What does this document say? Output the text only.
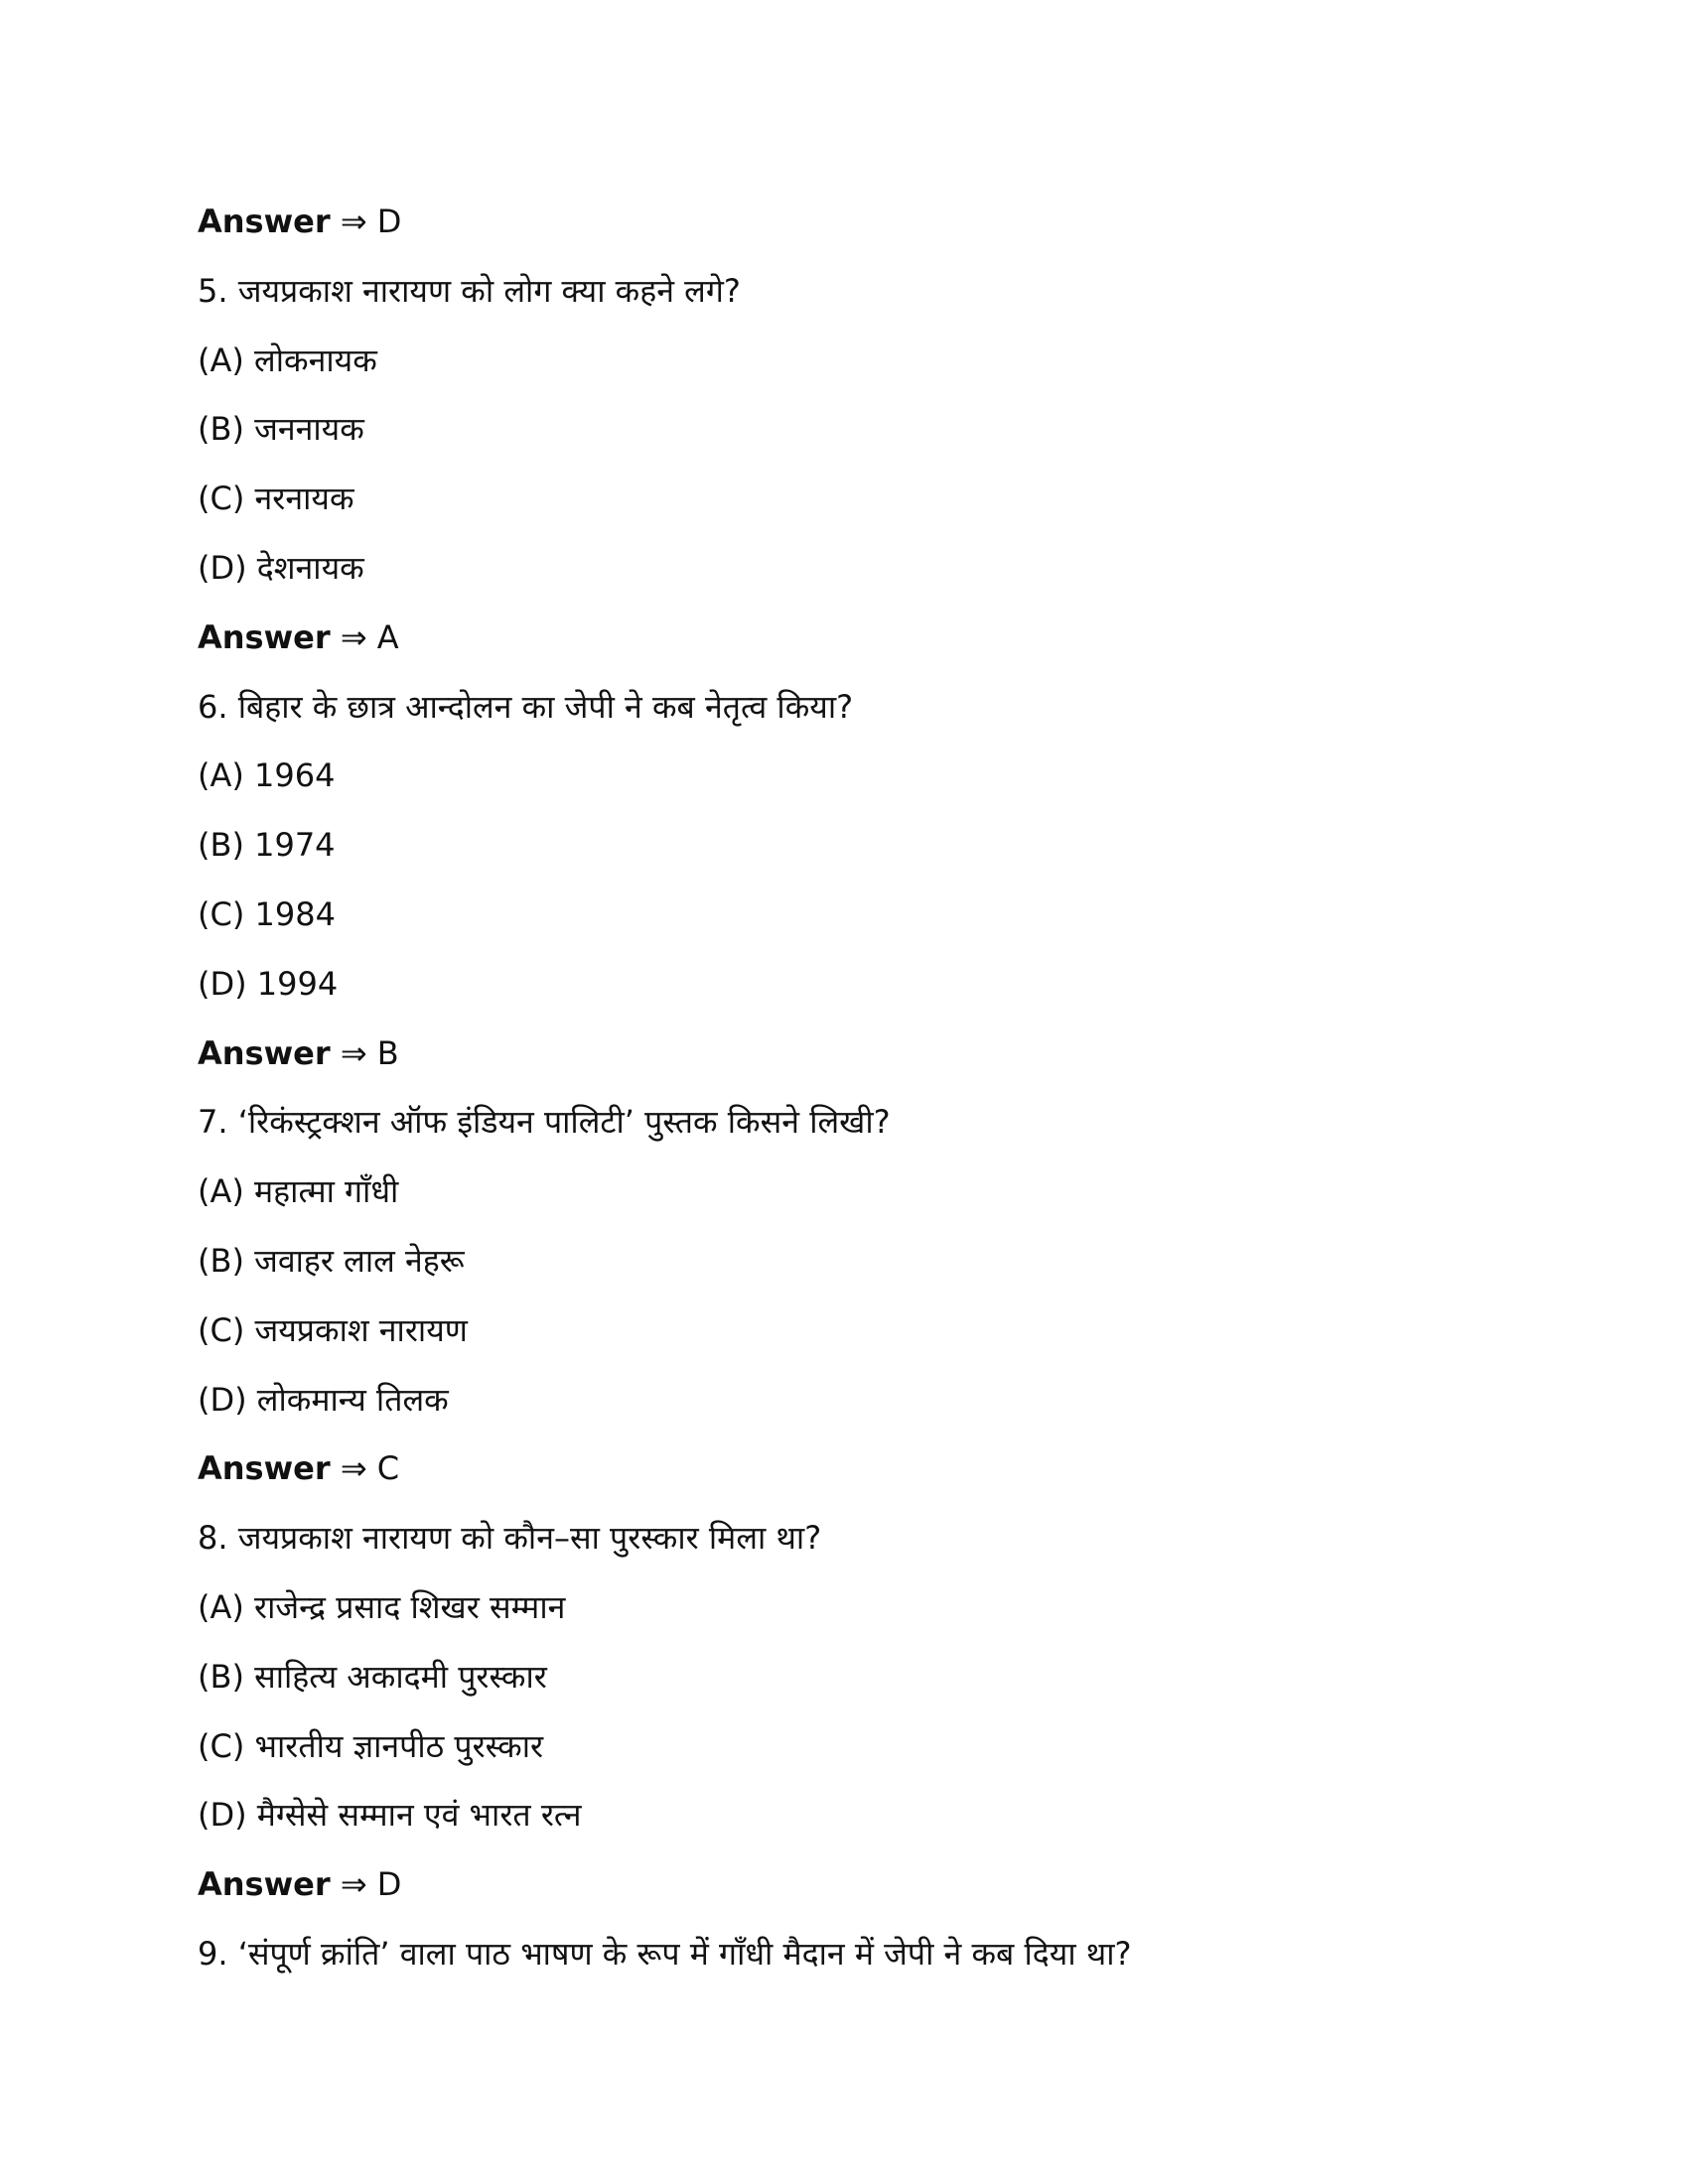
Answer ⇒ D
5. जयप्रकाश नारायण को लोग क्या कहने लगे?
(A) लोकनायक
(B) जननायक
(C) नरनायक
(D) देशनायक
Answer ⇒ A
6. बिहार के छात्र आन्दोलन का जेपी ने कब नेतृत्व किया?
(A) 1964
(B) 1974
(C) 1984
(D) 1994
Answer ⇒ B
7. ‘रिकंस्ट्रक्शन ऑफ इंडियन पालिटी’ पुस्तक किसने लिखी?
(A) महात्मा गाँधी
(B) जवाहर लाल नेहरू
(C) जयप्रकाश नारायण
(D) लोकमान्य तिलक
Answer ⇒ C
8. जयप्रकाश नारायण को कौन–सा पुरस्कार मिला था?
(A) राजेन्द्र प्रसाद शिखर सम्मान
(B) साहित्य अकादमी पुरस्कार
(C) भारतीय ज्ञानपीठ पुरस्कार
(D) मैग्सेसे सम्मान एवं भारत रत्न
Answer ⇒ D
9. ‘संपूर्ण क्रांति’ वाला पाठ भाषण के रूप में गाँधी मैदान में जेपी ने कब दिया था?
